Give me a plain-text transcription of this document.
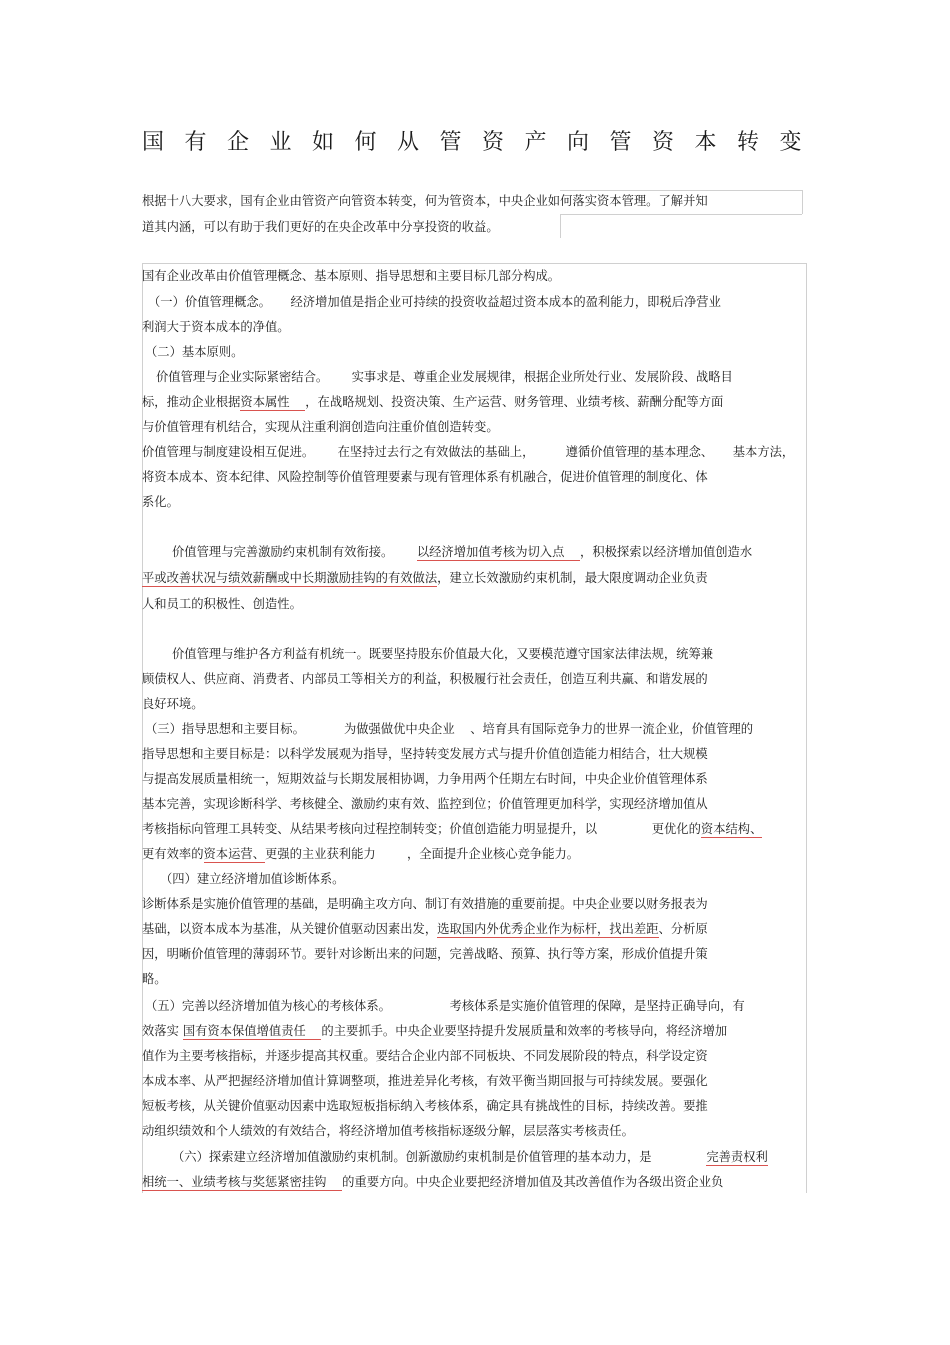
国有企业如何从管资产向管资本转变
根据十八大要求，国有企业由管资产向管资本转变，何为管资本，中央企业如何落实资本管理。了解并知
道其内涵，可以有助于我们更好的在央企改革中分享投资的收益。
国有企业改革由价值管理概念、基本原则、指导思想和主要目标几部分构成。
（一）价值管理概念。     经济增加值是指企业可持续的投资收益超过资本成本的盈利能力，即税后净营业
利润大于资本成本的净值。
（二）基本原则。
价值管理与企业实际紧密结合。      实事求是、尊重企业发展规律，根据企业所处行业、发展阶段、战略目
标，推动企业根据资本属性    ，在战略规划、投资决策、生产运营、财务管理、业绩考核、薪酬分配等方面
与价值管理有机结合，实现从注重利润创造向注重价值创造转变。
价值管理与制度建设相互促进。      在坚持过去行之有效做法的基础上，        遵循价值管理的基本理念、     基本方法，
将资本成本、资本纪律、风险控制等价值管理要素与现有管理体系有机融合，促进价值管理的制度化、体
系化。
价值管理与完善激励约束机制有效衔接。      以经济增加值考核为切入点    ，积极探索以经济增加值创造水
平或改善状况与绩效薪酬或中长期激励挂钩的有效做法，建立长效激励约束机制，最大限度调动企业负责
人和员工的积极性、创造性。
价值管理与维护各方利益有机统一。既要坚持股东价值最大化，又要模范遵守国家法律法规，统筹兼
顾债权人、供应商、消费者、内部员工等相关方的利益，积极履行社会责任，创造互利共赢、和谐发展的
良好环境。
（三）指导思想和主要目标。          为做强做优中央企业    、培育具有国际竞争力的世界一流企业，价值管理的
指导思想和主要目标是：以科学发展观为指导，坚持转变发展方式与提升价值创造能力相结合，壮大规模
与提高发展质量相统一，短期效益与长期发展相协调，力争用两个任期左右时间，中央企业价值管理体系
基本完善，实现诊断科学、考核健全、激励约束有效、监控到位；价值管理更加科学，实现经济增加值从
考核指标向管理工具转变、从结果考核向过程控制转变；价值创造能力明显提升，以              更优化的资本结构、
更有效率的资本运营、更强的主业获利能力        ，全面提升企业核心竞争能力。
（四）建立经济增加值诊断体系。
诊断体系是实施价值管理的基础，是明确主攻方向、制订有效措施的重要前提。中央企业要以财务报表为
基础，以资本成本为基准，从关键价值驱动因素出发，选取国内外优秀企业作为标杆，找出差距、分析原
因，明晰价值管理的薄弱环节。要针对诊断出来的问题，完善战略、预算、执行等方案，形成价值提升策
略。
（五）完善以经济增加值为核心的考核体系。               考核体系是实施价值管理的保障，是坚持正确导向，有
效落实 国有资本保值增值责任    的主要抓手。中央企业要坚持提升发展质量和效率的考核导向，将经济增加
值作为主要考核指标，并逐步提高其权重。要结合企业内部不同板块、不同发展阶段的特点，科学设定资
本成本率、从严把握经济增加值计算调整项，推进差异化考核，有效平衡当期回报与可持续发展。要强化
短板考核，从关键价值驱动因素中选取短板指标纳入考核体系，确定具有挑战性的目标，持续改善。要推
动组织绩效和个人绩效的有效结合，将经济增加值考核指标逐级分解，层层落实考核责任。
（六）探索建立经济增加值激励约束机制。创新激励约束机制是价值管理的基本动力，是              完善责权利
相统一、业绩考核与奖惩紧密挂钩    的重要方向。中央企业要把经济增加值及其改善值作为各级出资企业负
